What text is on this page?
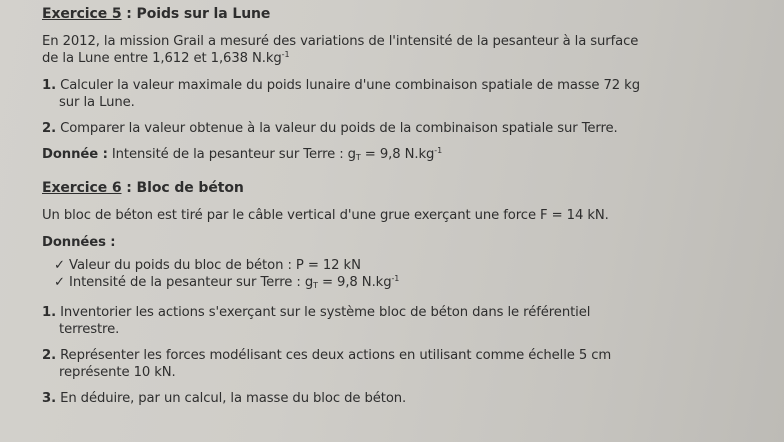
Exercice 5 : Poids sur la Lune
En 2012, la mission Grail a mesuré des variations de l'intensité de la pesanteur à la surface
de la Lune entre 1,612 et 1,638 $N.kg^{-1}$
1. Calculer la valeur maximale du poids lunaire d'une combinaison spatiale de masse 72 kg
sur la Lune.
2. Comparer la valeur obtenue à la valeur du poids de la combinaison spatiale sur Terre.
Donnée : Intensité de la pesanteur sur Terre : $g_T = 9,8$ $N.kg^{-1}$
Exercice 6 : Bloc de béton
Un bloc de béton est tiré par le câble vertical d'une grue exerçant une force F = 14 kN.
Données :
✓ Valeur du poids du bloc de béton : P = 12 kN
✓ Intensité de la pesanteur sur Terre : $g_T = 9,8$ $N.kg^{-1}$
1. Inventorier les actions s'exerçant sur le système bloc de béton dans le référentiel
terrestre.
2. Représenter les forces modélisant ces deux actions en utilisant comme échelle 5 cm
représente 10 kN.
3. En déduire, par un calcul, la masse du bloc de béton.
